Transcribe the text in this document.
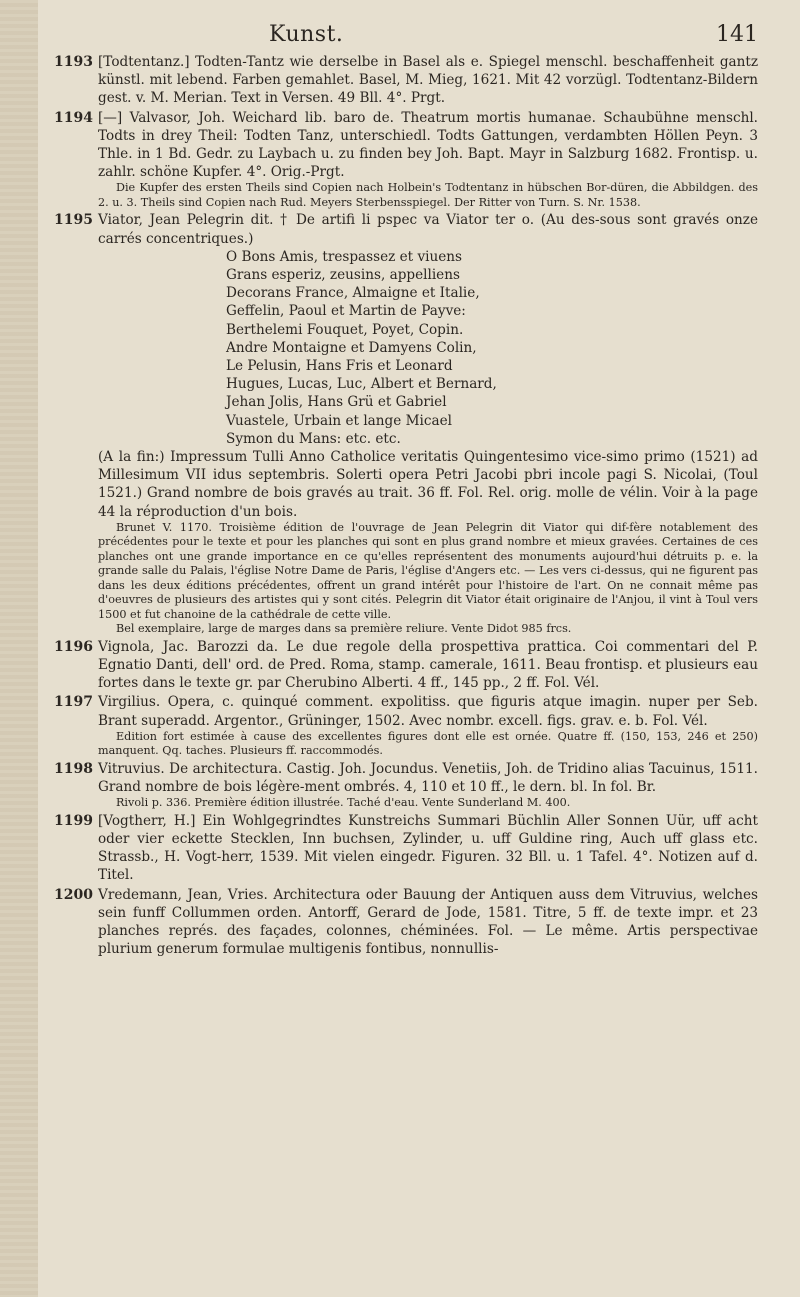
Kunst.	141
1193 [Todtentanz.] Todten-Tantz wie derselbe in Basel als e. Spiegel menschl. beschaffenheit gantz künstl. mit lebend. Farben gemahlet. Basel, M. Mieg, 1621. Mit 42 vorzügl. Todtentanz-Bildern gest. v. M. Merian. Text in Versen. 49 Bll. 4°. Prgt.
1194 [—] Valvasor, Joh. Weichard lib. baro de. Theatrum mortis humanae. Schaubühne menschl. Todts in drey Theil: Todten Tanz, unterschiedl. Todts Gattungen, verdambten Höllen Peyn. 3 Thle. in 1 Bd. Gedr. zu Laybach u. zu finden bey Joh. Bapt. Mayr in Salzburg 1682. Frontisp. u. zahlr. schöne Kupfer. 4°. Orig.-Prgt.
Die Kupfer des ersten Theils sind Copien nach Holbein's Todtentanz in hübschen Bor-düren, die Abbildgen. des 2. u. 3. Theils sind Copien nach Rud. Meyers Sterbensspiegel. Der Ritter von Turn. S. Nr. 1538.
1195 Viator, Jean Pelegrin dit. † De artifi li pspec va Viator ter o. (Au des-sous sont gravés onze carrés concentriques.)
O Bons Amis, trespassez et viuens
Grans esperiz, zeusins, appelliens
Decorans France, Almaigne et Italie,
Geffelin, Paoul et Martin de Payve:
Berthelemi Fouquet, Poyet, Copin.
Andre Montaigne et Damyens Colin,
Le Pelusin, Hans Fris et Leonard
Hugues, Lucas, Luc, Albert et Bernard,
Jehan Jolis, Hans Grü et Gabriel
Vuastele, Urbain et lange Micael
Symon du Mans: etc. etc.
(A la fin:) Impressum Tulli Anno Catholice veritatis Quingentesimo vice-simo primo (1521) ad Millesimum VII idus septembris. Solerti opera Petri Jacobi pbri incole pagi S. Nicolai, (Toul 1521.) Grand nombre de bois gravés au trait. 36 ff. Fol. Rel. orig. molle de vélin. Voir à la page 44 la réproduction d'un bois.
Brunet V. 1170. Troisième édition de l'ouvrage de Jean Pelegrin dit Viator qui dif-fère notablement des précédentes pour le texte et pour les planches qui sont en plus grand nombre et mieux gravées. Certaines de ces planches ont une grande importance en ce qu'elles représentent des monuments aujourd'hui détruits p. e. la grande salle du Palais, l'église Notre Dame de Paris, l'église d'Angers etc. — Les vers ci-dessus, qui ne figurent pas dans les deux éditions précédentes, offrent un grand intérêt pour l'histoire de l'art. On ne connait même pas d'oeuvres de plusieurs des artistes qui y sont cités. Pelegrin dit Viator était originaire de l'Anjou, il vint à Toul vers 1500 et fut chanoine de la cathédrale de cette ville.
Bel exemplaire, large de marges dans sa première reliure. Vente Didot 985 frcs.
1196 Vignola, Jac. Barozzi da. Le due regole della prospettiva prattica. Coi commentari del P. Egnatio Danti, dell' ord. de Pred. Roma, stamp. camerale, 1611. Beau frontisp. et plusieurs eau fortes dans le texte gr. par Cherubino Alberti. 4 ff., 145 pp., 2 ff. Fol. Vél.
1197 Virgilius. Opera, c. quinqué comment. expolitiss. que figuris atque imagin. nuper per Seb. Brant superadd. Argentor., Grüninger, 1502. Avec nombr. excell. figs. grav. e. b. Fol. Vél.
Edition fort estimée à cause des excellentes figures dont elle est ornée. Quatre ff. (150, 153, 246 et 250) manquent. Qq. taches. Plusieurs ff. raccommodés.
1198 Vitruvius. De architectura. Castig. Joh. Jocundus. Venetiis, Joh. de Tridino alias Tacuinus, 1511. Grand nombre de bois légère-ment ombrés. 4, 110 et 10 ff., le dern. bl. In fol. Br.
Rivoli p. 336. Première édition illustrée. Taché d'eau. Vente Sunderland M. 400.
1199 [Vogtherr, H.] Ein Wohlgegrindtes Kunstreichs Summari Büchlin Aller Sonnen Uür, uff acht oder vier eckette Stecklen, Inn buchsen, Zylinder, u. uff Guldine ring, Auch uff glass etc. Strassb., H. Vogt-herr, 1539. Mit vielen eingedr. Figuren. 32 Bll. u. 1 Tafel. 4°. Notizen auf d. Titel.
1200 Vredemann, Jean, Vries. Architectura oder Bauung der Antiquen auss dem Vitruvius, welches sein funff Collummen orden. Antorff, Gerard de Jode, 1581. Titre, 5 ff. de texte impr. et 23 planches représ. des façades, colonnes, chéminées. Fol. — Le même. Artis perspectivae plurium generum formulae multigenis fontibus, nonnullis-
